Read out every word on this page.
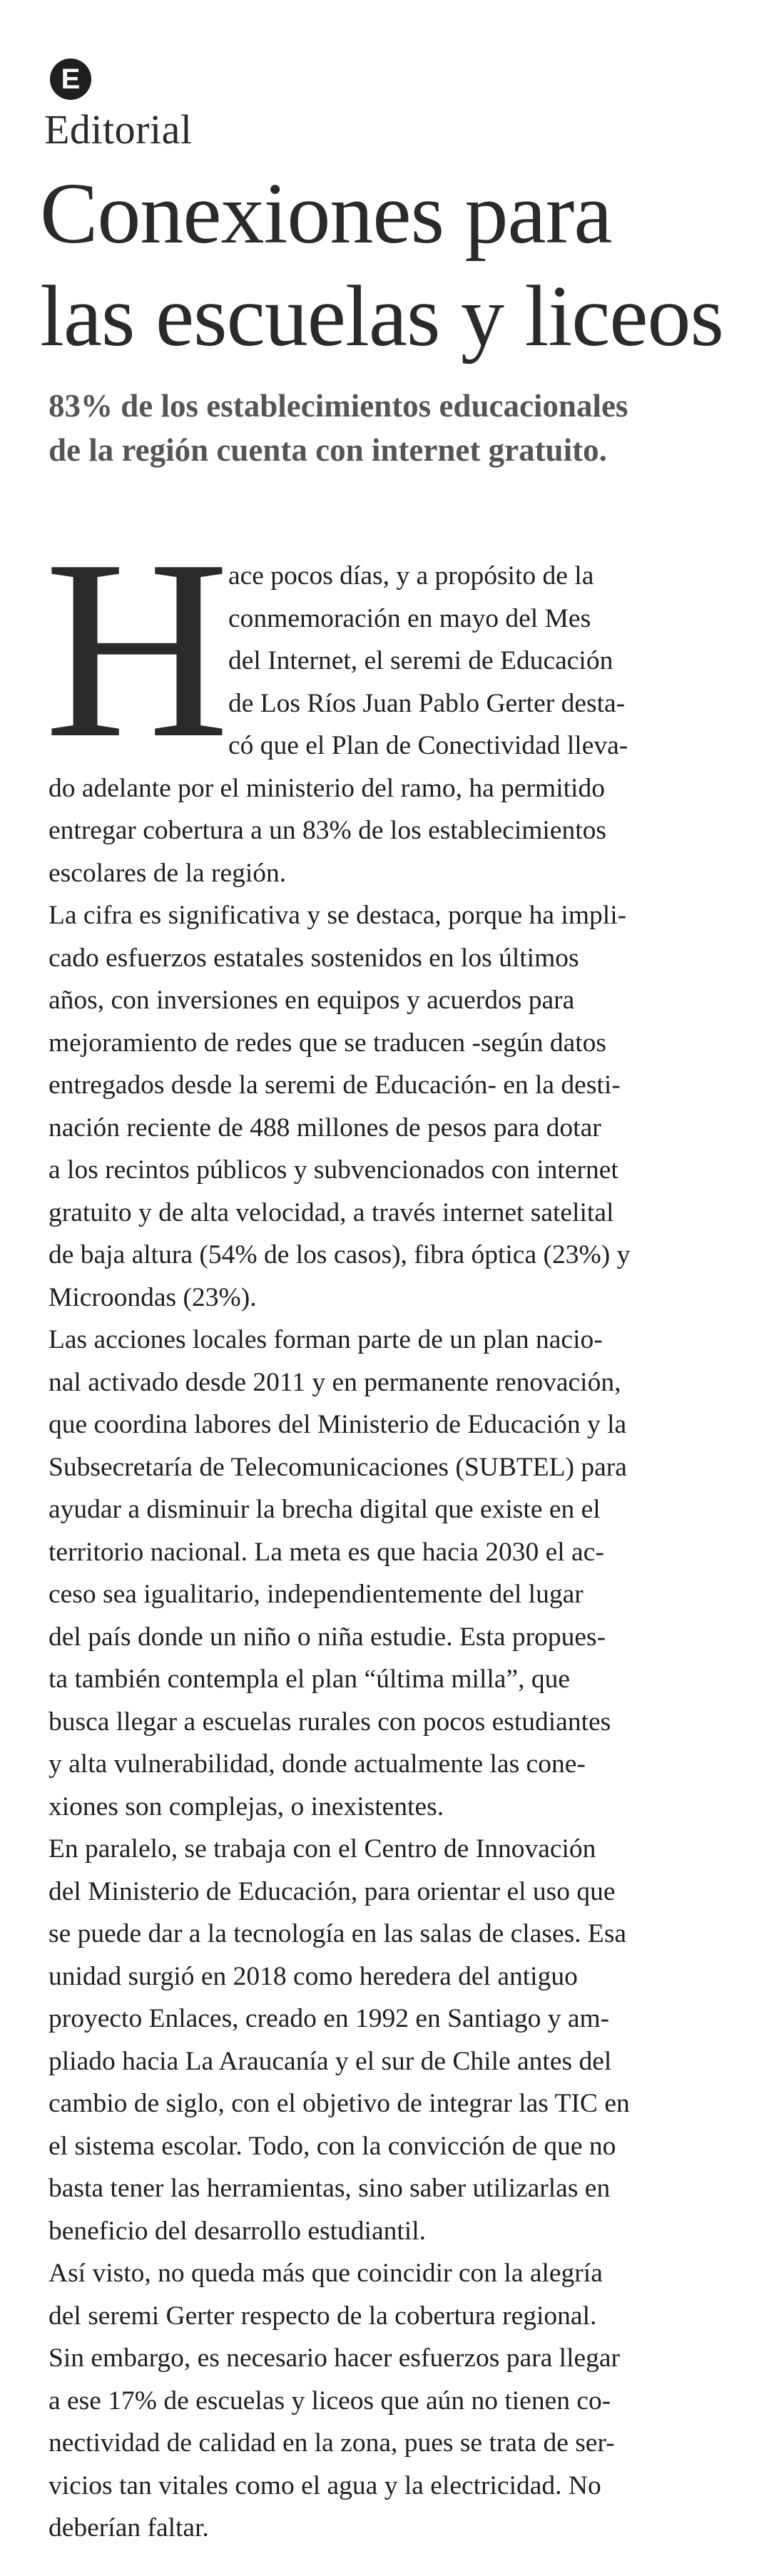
E
Editorial
Conexiones para
las escuelas y liceos
83% de los establecimientos educacionales
de la región cuenta con internet gratuito.
H
ace pocos días, y a propósito de la
conmemoración en mayo del Mes
del Internet, el seremi de Educación
de Los Ríos Juan Pablo Gerter desta-
có que el Plan de Conectividad lleva-
do adelante por el ministerio del ramo, ha permitido
entregar cobertura a un 83% de los establecimientos
escolares de la región.
La cifra es significativa y se destaca, porque ha impli-
cado esfuerzos estatales sostenidos en los últimos
años, con inversiones en equipos y acuerdos para
mejoramiento de redes que se traducen -según datos
entregados desde la seremi de Educación- en la desti-
nación reciente de 488 millones de pesos para dotar
a los recintos públicos y subvencionados con internet
gratuito y de alta velocidad, a través internet satelital
de baja altura (54% de los casos), fibra óptica (23%) y
Microondas (23%).
Las acciones locales forman parte de un plan nacio-
nal activado desde 2011 y en permanente renovación,
que coordina labores del Ministerio de Educación y la
Subsecretaría de Telecomunicaciones (SUBTEL) para
ayudar a disminuir la brecha digital que existe en el
territorio nacional. La meta es que hacia 2030 el ac-
ceso sea igualitario, independientemente del lugar
del país donde un niño o niña estudie. Esta propues-
ta también contempla el plan “última milla”, que
busca llegar a escuelas rurales con pocos estudiantes
y alta vulnerabilidad, donde actualmente las cone-
xiones son complejas, o inexistentes.
En paralelo, se trabaja con el Centro de Innovación
del Ministerio de Educación, para orientar el uso que
se puede dar a la tecnología en las salas de clases. Esa
unidad surgió en 2018 como heredera del antiguo
proyecto Enlaces, creado en 1992 en Santiago y am-
pliado hacia La Araucanía y el sur de Chile antes del
cambio de siglo, con el objetivo de integrar las TIC en
el sistema escolar. Todo, con la convicción de que no
basta tener las herramientas, sino saber utilizarlas en
beneficio del desarrollo estudiantil.
Así visto, no queda más que coincidir con la alegría
del seremi Gerter respecto de la cobertura regional.
Sin embargo, es necesario hacer esfuerzos para llegar
a ese 17% de escuelas y liceos que aún no tienen co-
nectividad de calidad en la zona, pues se trata de ser-
vicios tan vitales como el agua y la electricidad. No
deberían faltar.
